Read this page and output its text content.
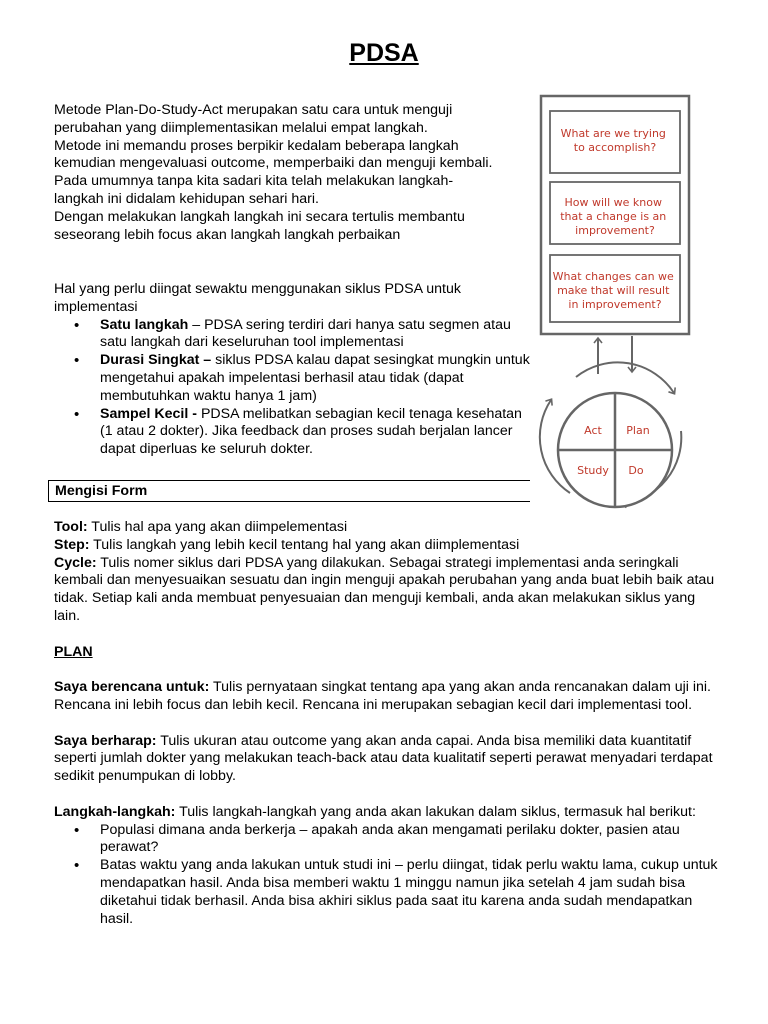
PDSA

Metode Plan-Do-Study-Act merupakan satu cara untuk menguji

perubahan yang diimplementasikan melalui empat langkah.

Metode ini memandu proses berpikir kedalam beberapa langkah

kemudian mengevaluasi outcome, memperbaiki dan menguji kembali.

Pada umumnya tanpa kita sadari kita telah melakukan langkah-

langkah ini didalam kehidupan sehari hari.

Dengan melakukan langkah langkah ini secara tertulis membantu

seseorang lebih focus akan langkah langkah perbaikan

Hal yang perlu diingat sewaktu menggunakan siklus PDSA untuk implementasi

• Satu langkah – PDSA sering terdiri dari hanya satu segmen atau satu langkah dari keseluruhan tool implementasi
• Durasi Singkat – siklus PDSA kalau dapat sesingkat mungkin untuk mengetahui apakah impelentasi berhasil atau tidak (dapat membutuhkan waktu hanya 1 jam)
• Sampel Kecil - PDSA melibatkan sebagian kecil tenaga kesehatan (1 atau 2 dokter). Jika feedback dan proses sudah berjalan lancer dapat diperluas ke seluruh dokter.
Mengisi Form

Tool: Tulis hal apa yang akan diimpelementasi

Step: Tulis langkah yang lebih kecil tentang hal yang akan diimplementasi

Cycle: Tulis nomer siklus dari PDSA yang dilakukan. Sebagai strategi implementasi anda seringkali kembali dan menyesuaikan sesuatu dan ingin menguji apakah perubahan yang anda buat lebih baik atau tidak. Setiap kali anda membuat penyesuaian dan menguji kembali, anda akan melakukan siklus yang lain.

PLAN

Saya berencana untuk: Tulis pernyataan singkat tentang apa yang akan anda rencanakan dalam uji ini. Rencana ini lebih focus dan lebih kecil. Rencana ini merupakan sebagian kecil dari implementasi tool.

Saya berharap: Tulis ukuran atau outcome yang akan anda capai. Anda bisa memiliki data kuantitatif seperti jumlah dokter yang melakukan teach-back atau data kualitatif seperti perawat menyadari terdapat sedikit penumpukan di lobby.

Langkah-langkah: Tulis langkah-langkah yang anda akan lakukan dalam siklus, termasuk hal berikut:

• Populasi dimana anda berkerja – apakah anda akan mengamati perilaku dokter, pasien atau perawat?
• Batas waktu yang anda lakukan untuk studi ini – perlu diingat, tidak perlu waktu lama, cukup untuk mendapatkan hasil. Anda bisa memberi waktu 1 minggu namun jika setelah 4 jam sudah bisa diketahui tidak berhasil. Anda bisa akhiri siklus pada saat itu karena anda sudah mendapatkan hasil.
What are we trying to accomplish?
How will we know that a change is an improvement?
What changes can we make that will result in improvement?
Act Plan
Study Do
